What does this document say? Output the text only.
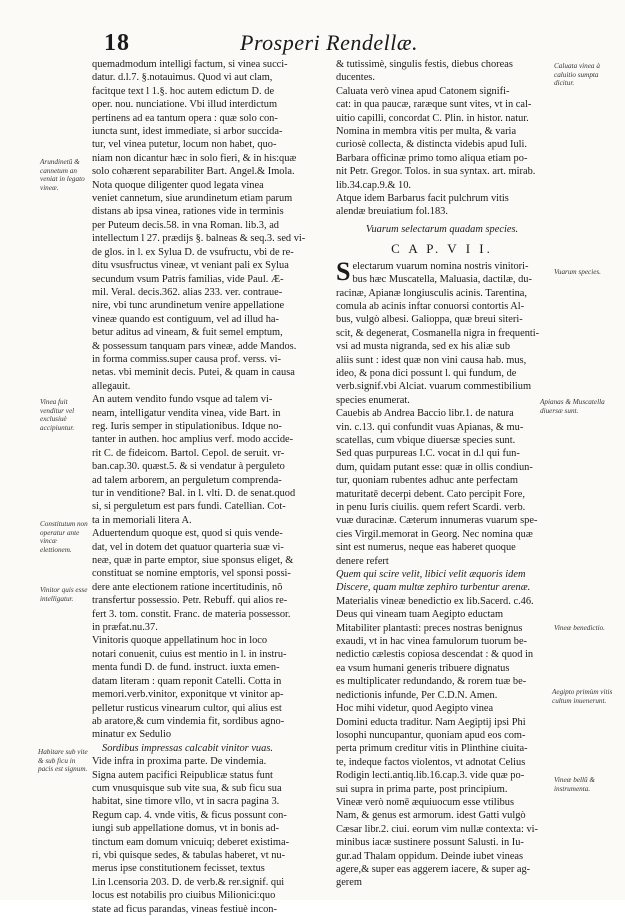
18	Prosperi Rendellæ.
quemadmodum intelligi factum, si vinea succi-
datur. d.l.7. §.notauimus. Quod vi aut clam,
facitque text l 1.§. hoc autem edictum D. de
oper. nou. nunciatione. Vbi illud interdictum
pertinens ad ea tantum opera : quæ solo con-
iuncta sunt, idest immediate, si arbor succida-
tur, vel vinea putetur, locum non habet, quo-
niam non dicantur hæc in solo fieri, & in his:quæ
solo cohærent separabiliter Bart. Angel.& Imola.
Nota quoque diligenter quod legata vinea
veniet cannetum, siue arundinetum etiam parum
distans ab ipsa vinea, rationes vide in terminis
per Puteum decis.58. in vna Roman. lib.3, ad
intellectum l 27. prædijs §. balneas & seq.3. sed vi-
de glos. in l. ex Sylua D. de vsufructu, vbi de re-
ditu vsusfructus vineæ, vt veniant pali ex Sylua
secundum vsum Patris familias, vide Paul. Æ-
mil. Veral. decis.362. alias 233. ver. contraue-
nire, vbi tunc arundinetum venire appellatione
vineæ quando est contiguum, vel ad illud ha-
betur aditus ad vineam, & fuit semel emptum,
& possessum tanquam pars vineæ, adde Mandos.
in forma commiss.super causa prof. verss. vi-
netas. vbi meminit decis. Putei, & quam in causa
allegauit.
An autem vendito fundo vsque ad talem vi-
neam, intelligatur vendita vinea, vide Bart. in
reg. Iuris semper in stipulationibus. Idque no-
tanter in authen. hoc amplius verf. modo accide-
rit C. de fideicom. Bartol. Cepol. de seruit. vr-
ban.cap.30. quæst.5. & si vendatur à perguleto
ad talem arborem, an perguletum comprenda-
tur in venditione? Bal. in l. vlti. D. de senat.quod
si, si perguletum est pars fundi. Catellian. Cot-
ta in memoriali litera A.
Aduertendum quoque est, quod si quis vende-
dat, vel in dotem det quatuor quarteria suæ vi-
neæ, quæ in parte emptor, siue sponsus eliget, &
constituat se nomine emptoris, vel sponsi possi-
dere ante electionem ratione incertitudinis, nõ
transfertur possessio. Petr. Rebuff. qui alios re-
fert 3. tom. constit. Franc. de materia possessor.
in præfat.nu.37.
Vinitoris quoque appellatinum hoc in loco
notari conuenit, cuius est mentio in l. in instru-
menta fundi D. de fund. instruct. iuxta emen-
datam literam : quam reponit Catelli. Cotta in
memori.verb.vinitor, exponitque vt vinitor ap-
pelletur rusticus vinearum cultor, qui alius est
ab aratore,& cum vindemia fit, sordibus agno-
minatur ex Sedulio
Sordibus impressas calcabit vinitor vuas.
Vide infra in proxima parte. De vindemia.
Signa autem pacifici Reipublicæ status funt
cum vnusquisque sub vite sua, & sub ficu sua
habitat, sine timore vllo, vt in sacra pagina 3.
Regum cap. 4. vnde vitis, & ficus possunt con-
iungi sub appellatione domus, vt in bonis ad-
tinctum eam domum vnicuiq; deberet existima-
ri, vbi quisque sedes, & tabulas haberet, vt nu-
merus ipse constitutionem fecisset, textus
l.in l.censoria 203. D. de verb.& rer.signif. qui
locus est notabilis pro ciuibus Milionici:quo
state ad ficus parandas, vineas festiuè incon-
& tutissimè, singulis festis, diebus choreas
ducentes.
Caluata verò vinea apud Catonem signifi-
cat: in qua paucæ, raræque sunt vites, vt in cal-
uitio capilli, concordat C. Plin. in histor. natur.
Nomina in membra vitis per multa, & varia
curiosè collecta, & distincta videbis apud Iuli.
Barbara officinæ primo tomo aliqua etiam po-
nit Petr. Gregor. Tolos. in sua syntax. art. mirab.
lib.34.cap.9.& 10.
Atque idem Barbarus facit pulchrum vitis
alendæ breuiatium fol.183.
Vuarum selectarum quadam species.
C A P. V I I.
S electarum vuarum nomina nostris vinitori-
bus hæc Muscatella, Maluasia, dactilæ, du-
racinæ, Apianæ longiusculis acinis. Tarentina,
comula ab acinis inftar conuorsi contortis Al-
bus, vulgò albesi. Galioppa, quæ breui siteri-
scit, & degenerat, Cosmanella nigra in frequenti-
vsi ad musta nigranda, sed ex his aliæ sub
aliis sunt : idest quæ non vini causa hab. mus,
ideo, & pona dici possunt l. qui fundum, de
verb.signif.vbi Alciat. vuarum commestibilium
species enumerat.
Cauebis ab Andrea Baccio libr.1. de natura
vin. c.13. qui confundit vuas Apianas, & mu-
scatellas, cum vbique diuersæ species sunt.
Sed quas purpureas I.C. vocat in d.l qui fun-
dum, quidam putant esse: quæ in ollis condiun-
tur, quoniam rubentes adhuc ante perfectam
maturitatē decerpi debent. Cato percipit Fore,
in penu Iuris ciuilis. quem refert Scardi. verb.
vuæ duracinæ. Cæterum innumeras vuarum spe-
cies Virgil.memorat in Georg. Nec nomina quæ
sint est numerus, neque eas haberet quoque
denere refert
Quem qui scire velit, libici velit æquoris idem
Discere, quam multæ zephiro turbentur arenæ.
Materialis vineæ benedictio ex lib.Sacerd. c.46.
Deus qui vineam tuam Aegipto eductam
Mitabiliter plantasti: preces nostras benignus
exaudi, vt in hac vinea famulorum tuorum be-
nedictio cælestis copiosa descendat : & quod in
ea vsum humani generis tribuere dignatus
es multiplicater redundando, & rorem tuæ be-
nedictionis infunde, Per C.D.N. Amen.
Hoc mihi videtur, quod Aegipto vinea
Domini educta traditur. Nam Aegiptij ipsi Phi
losophi nuncupantur, quoniam apud eos com-
perta primum creditur vitis in Plinthine ciuita-
te, indeque factos violentos, vt adnotat Celius
Rodigin lecti.antiq.lib.16.cap.3. vide quæ po-
sui supra in prima parte, post principium.
Vineæ verò nomē æquiuocum esse vtilibus
Nam, & genus est armorum. idest Gatti vulgò
Cæsar libr.2. ciui. eorum vim nullæ contexta: vi-
minibus iacæ sustinere possunt Salusti. in Iu-
gur.ad Thalam oppidum. Deinde iubet vineas
agere,& super eas aggerem iacere, & super ag-
gerem
Arundinetū & cannetum an veniat in legato vineæ.
Vinea fuit venditur vel exclusiuè accipiuntur.
Constitutum non operatur ante vincæ elettionem.
Vinitor quis esse intelligatur.
Habitare sub vite & sub ficu in pacis est signum.
Caluata vinea à caluitio sumpta dicitur.
Vuarum species.
Apianas & Muscatella diuersæ sunt.
Vineæ benedictio.
Aegipto primùm vitis cultum inuenerunt.
Vineæ bellū & instrumenta.
